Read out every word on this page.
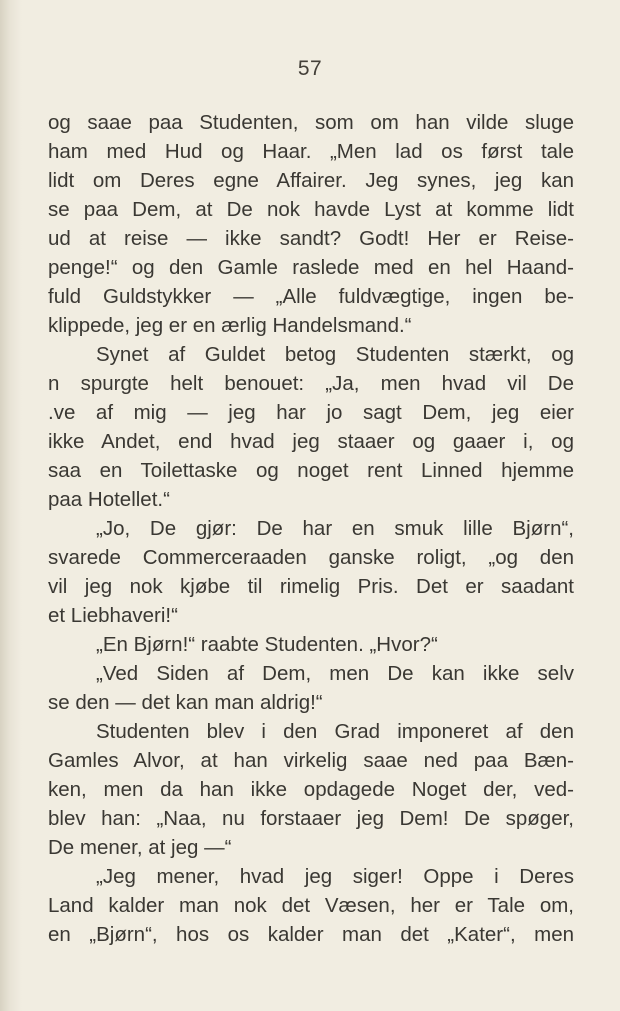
57
og saae paa Studenten, som om han vilde sluge
ham med Hud og Haar. „Men lad os først tale
lidt om Deres egne Affairer. Jeg synes, jeg kan
se paa Dem, at De nok havde Lyst at komme lidt
ud at reise — ikke sandt? Godt! Her er Reise-
penge!“ og den Gamle raslede med en hel Haand-
fuld Guldstykker — „Alle fuldvægtige, ingen be-
klippede, jeg er en ærlig Handelsmand.“
Synet af Guldet betog Studenten stærkt, og
n spurgte helt benouet: „Ja, men hvad vil De
.ve af mig — jeg har jo sagt Dem, jeg eier
ikke Andet, end hvad jeg staaer og gaaer i, og
saa en Toilettaske og noget rent Linned hjemme
paa Hotellet.“
„Jo, De gjør: De har en smuk lille Bjørn“,
svarede Commerceraaden ganske roligt, „og den
vil jeg nok kjøbe til rimelig Pris. Det er saadant
et Liebhaveri!“
„En Bjørn!“ raabte Studenten. „Hvor?“
„Ved Siden af Dem, men De kan ikke selv
se den — det kan man aldrig!“
Studenten blev i den Grad imponeret af den
Gamles Alvor, at han virkelig saae ned paa Bæn-
ken, men da han ikke opdagede Noget der, ved-
blev han: „Naa, nu forstaaer jeg Dem! De spøger,
De mener, at jeg —“
„Jeg mener, hvad jeg siger! Oppe i Deres
Land kalder man nok det Væsen, her er Tale om,
en „Bjørn“, hos os kalder man det „Kater“, men
